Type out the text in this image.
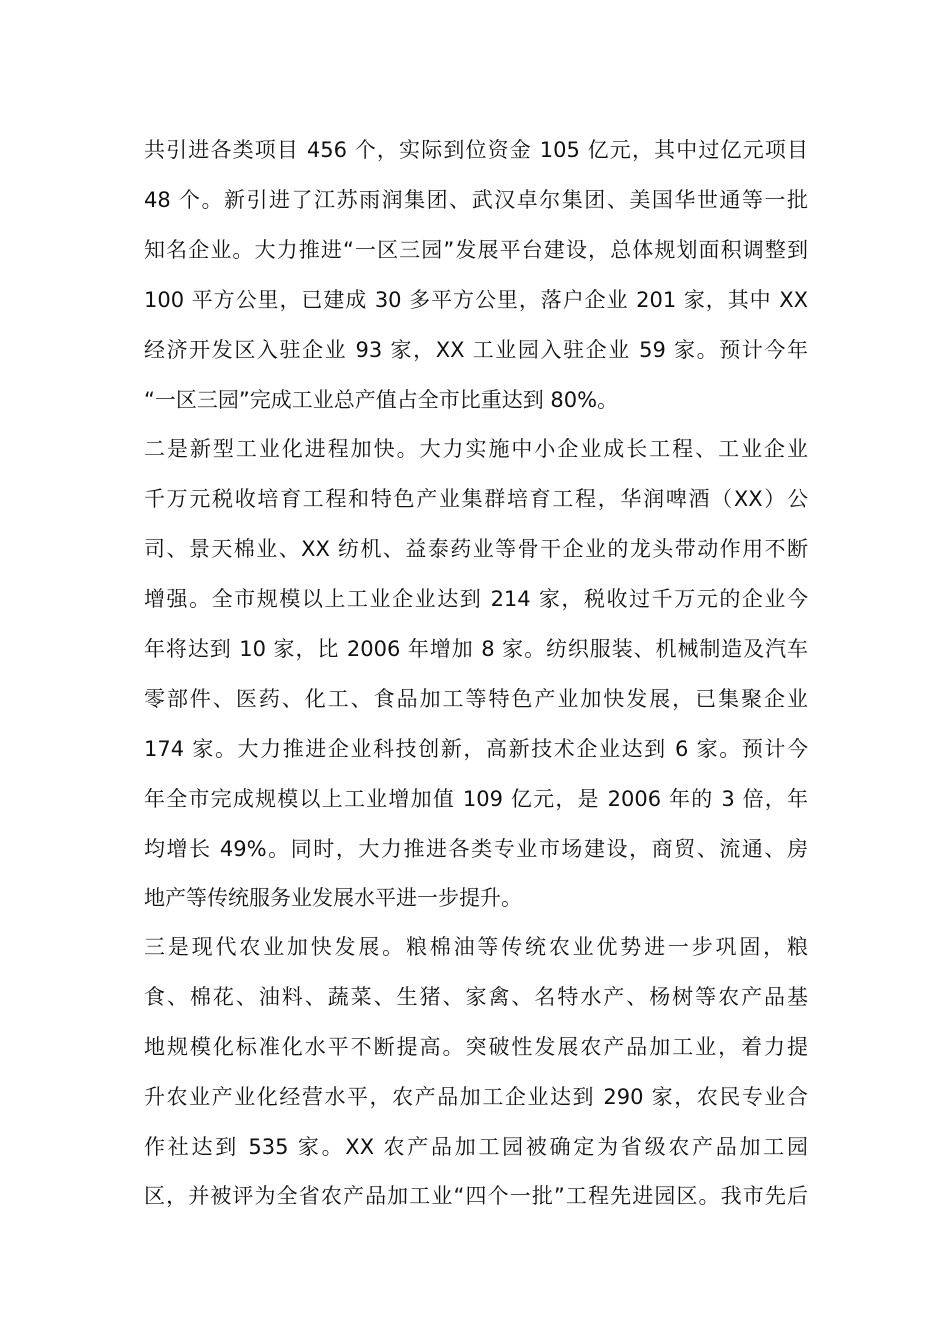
共引进各类项目 456 个，实际到位资金 105 亿元，其中过亿元项目
48 个。新引进了江苏雨润集团、武汉卓尔集团、美国华世通等一批
知名企业。大力推进“一区三园”发展平台建设，总体规划面积调整到
100 平方公里，已建成 30 多平方公里，落户企业 201 家，其中 XX
经济开发区入驻企业 93 家，XX 工业园入驻企业 59 家。预计今年
“一区三园”完成工业总产值占全市比重达到 80%。
二是新型工业化进程加快。大力实施中小企业成长工程、工业企业
千万元税收培育工程和特色产业集群培育工程，华润啤酒（XX）公
司、景天棉业、XX 纺机、益泰药业等骨干企业的龙头带动作用不断
增强。全市规模以上工业企业达到 214 家，税收过千万元的企业今
年将达到 10 家，比 2006 年增加 8 家。纺织服装、机械制造及汽车
零部件、医药、化工、食品加工等特色产业加快发展，已集聚企业
174 家。大力推进企业科技创新，高新技术企业达到 6 家。预计今
年全市完成规模以上工业增加值 109 亿元，是 2006 年的 3 倍，年
均增长 49%。同时，大力推进各类专业市场建设，商贸、流通、房
地产等传统服务业发展水平进一步提升。
三是现代农业加快发展。粮棉油等传统农业优势进一步巩固，粮
食、棉花、油料、蔬菜、生猪、家禽、名特水产、杨树等农产品基
地规模化标准化水平不断提高。突破性发展农产品加工业，着力提
升农业产业化经营水平，农产品加工企业达到 290 家，农民专业合
作社达到 535 家。XX 农产品加工园被确定为省级农产品加工园
区，并被评为全省农产品加工业“四个一批”工程先进园区。我市先后
